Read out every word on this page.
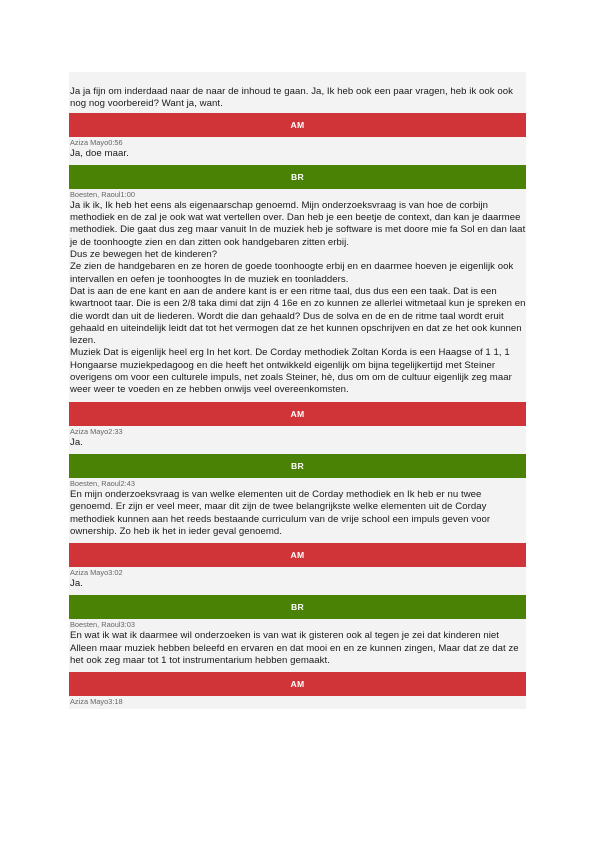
Ja ja fijn om inderdaad naar de naar de inhoud te gaan. Ja, Ik heb ook een paar vragen, heb ik ook ook nog nog voorbereid? Want ja, want.
AM
Aziza Mayo0:56
Ja, doe maar.
BR
Boesten, Raoul1:00
Ja ik ik, Ik heb het eens als eigenaarschap genoemd. Mijn onderzoeksvraag is van hoe de corbijn methodiek en de zal je ook wat wat vertellen over. Dan heb je een beetje de context, dan kan je daarmee methodiek. Die gaat dus zeg maar vanuit In de muziek heb je software is met doore mie fa Sol en dan laat je de toonhoogte zien en dan zitten ook handgebaren zitten erbij.
Dus ze bewegen het de kinderen?
Ze zien de handgebaren en ze horen de goede toonhoogte erbij en en daarmee hoeven je eigenlijk ook intervallen en oefen je toonhoogtes In de muziek en toonladders.
Dat is aan de ene kant en aan de andere kant is er een ritme taal, dus dus een een taak. Dat is een kwartnoot taar. Die is een 2/8 taka dimi dat zijn 4 16e en zo kunnen ze allerlei witmetaal kun je spreken en die wordt dan uit de liederen. Wordt die dan gehaald? Dus de solva en de en de ritme taal wordt eruit gehaald en uiteindelijk leidt dat tot het vermogen dat ze het kunnen opschrijven en dat ze het ook kunnen lezen.
Muziek Dat is eigenlijk heel erg In het kort. De Corday methodiek Zoltan Korda is een Haagse of 1 1, 1 Hongaarse muziekpedagoog en die heeft het ontwikkeld eigenlijk om bijna tegelijkertijd met Steiner overigens om voor een culturele impuls, net zoals Steiner, hè, dus om om de cultuur eigenlijk zeg maar weer weer te voeden en ze hebben onwijs veel overeenkomsten.
AM
Aziza Mayo2:33
Ja.
BR
Boesten, Raoul2:43
En mijn onderzoeksvraag is van welke elementen uit de Corday methodiek en Ik heb er nu twee genoemd. Er zijn er veel meer, maar dit zijn de twee belangrijkste welke elementen uit de Corday methodiek kunnen aan het reeds bestaande curriculum van de vrije school een impuls geven voor ownership. Zo heb ik het in ieder geval genoemd.
AM
Aziza Mayo3:02
Ja.
BR
Boesten, Raoul3:03
En wat ik wat ik daarmee wil onderzoeken is van wat ik gisteren ook al tegen je zei dat kinderen niet Alleen maar muziek hebben beleefd en ervaren en dat mooi en en ze kunnen zingen, Maar dat ze dat ze het ook zeg maar tot 1 tot instrumentarium hebben gemaakt.
AM
Aziza Mayo3:18
